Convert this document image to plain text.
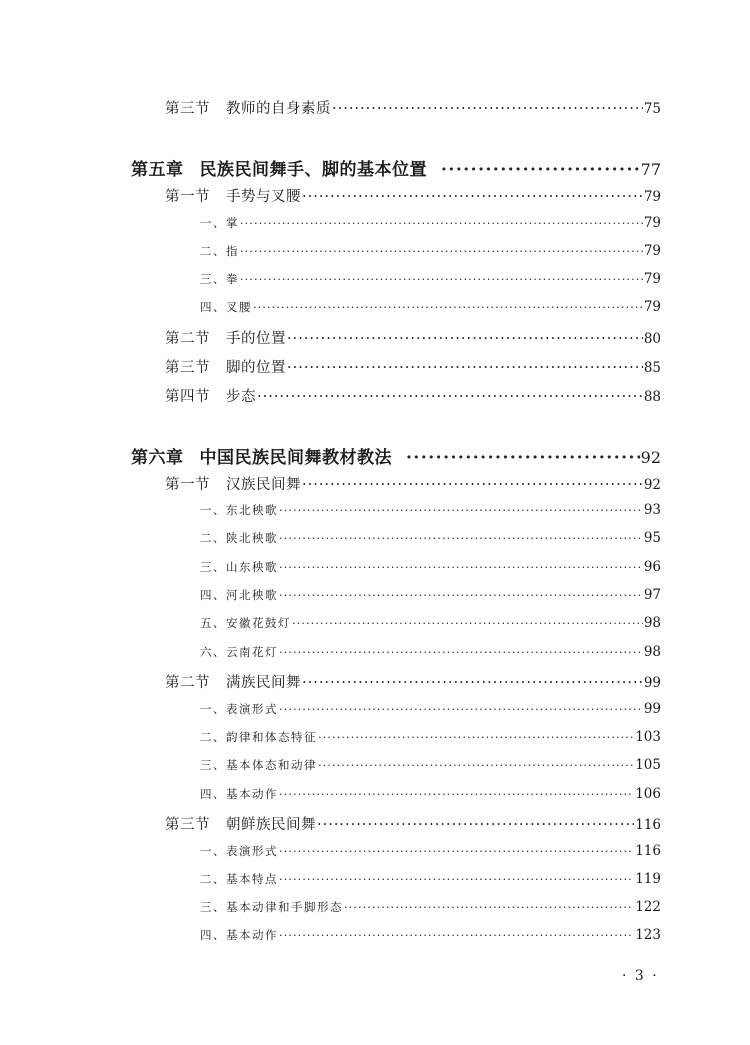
第三节 教师的自身素质 ·····	75
第五章 民族民间舞手、脚的基本位置 ·····	77
第一节 手势与叉腰 ·····	79
一、掌 ·····	79
二、指 ·····	79
三、拳 ·····	79
四、叉腰 ·····	79
第二节 手的位置 ·····	80
第三节 脚的位置 ·····	85
第四节 步态 ·····	88
第六章 中国民族民间舞教材教法 ·····	92
第一节 汉族民间舞 ·····	92
一、东北秧歌 ·····	93
二、陕北秧歌 ·····	95
三、山东秧歌 ·····	96
四、河北秧歌 ·····	97
五、安徽花鼓灯 ·····	98
六、云南花灯 ·····	98
第二节 满族民间舞 ·····	99
一、表演形式 ·····	99
二、韵律和体态特征 ·····	103
三、基本体态和动律 ·····	105
四、基本动作 ·····	106
第三节 朝鲜族民间舞 ·····	116
一、表演形式 ·····	116
二、基本特点 ·····	119
三、基本动律和手脚形态 ·····	122
四、基本动作 ·····	123
· 3 ·
